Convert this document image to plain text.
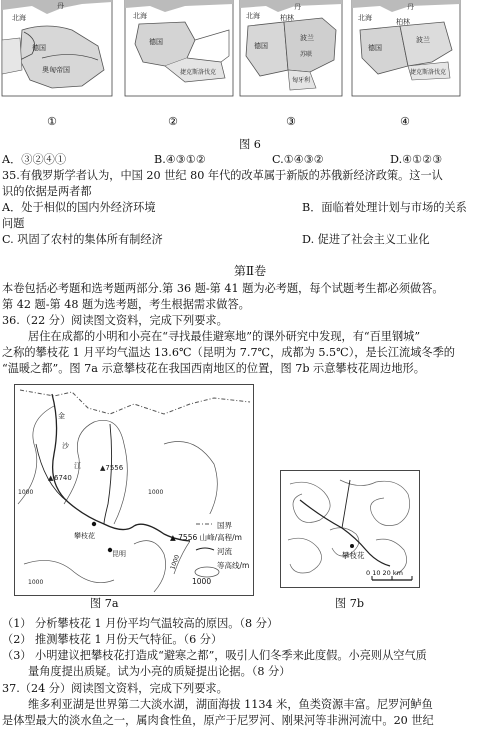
丹
北海
德国
奥匈帝国
①
北海
德国
捷克斯洛伐克
②
丹
北海	柏林
德国
波兰
苏联
匈牙利
③
丹
北海	柏林
德国
波兰
捷克斯洛伐克
④
图 6
A．③②④①	B.④③①②	C.①④③②	D.④①②③
35.有俄罗斯学者认为，中国 20 世纪 80 年代的改革属于新版的苏俄新经济政策。这一认
识的依据是两者都
A．处于相似的国内外经济环境	B．面临着处理计划与市场的关系
问题
C. 巩固了农村的集体所有制经济	D. 促进了社会主义工业化
第Ⅱ卷
本卷包括必考题和选考题两部分.第 36 题-第 41 题为必考题，每个试题考生都必须做答。
第 42 题-第 48 题为选考题，考生根据需求做答。
36.（22 分）阅读图文资料，完成下列要求。
居住在成都的小明和小亮在“寻找最佳避寒地”的课外研究中发现，有“百里钢城”
之称的攀枝花 1 月平均气温达 13.6℃（昆明为 7.7℃，成都为 5.5℃），是长江流域冬季的
“温暖之都”。图 7a 示意攀枝花在我国西南地区的位置，图 7b 示意攀枝花周边地形。
▲7556
6740
▲
金
沙
江
攀枝花
昆明
1000
1000
1000
1000
国界
▲ 7556 山峰/高程/m
河流
等高线/m
1000
图 7a
攀枝花
0 10 20 km
图 7b
（1） 分析攀枝花 1 月份平均气温较高的原因。（8 分）
（2） 推测攀枝花 1 月份天气特征。（6 分）
（3） 小明建议把攀枝花打造成“避寒之都”，吸引人们冬季来此度假。小亮则从空气质
量角度提出质疑。试为小亮的质疑提出论据。（8 分）
37.（24 分）阅读图文资料，完成下列要求。
维多利亚湖是世界第二大淡水湖，湖面海拔 1134 米，鱼类资源丰富。尼罗河鲈鱼
是体型最大的淡水鱼之一，属肉食性鱼，原产于尼罗河、刚果河等非洲河流中。20 世纪
